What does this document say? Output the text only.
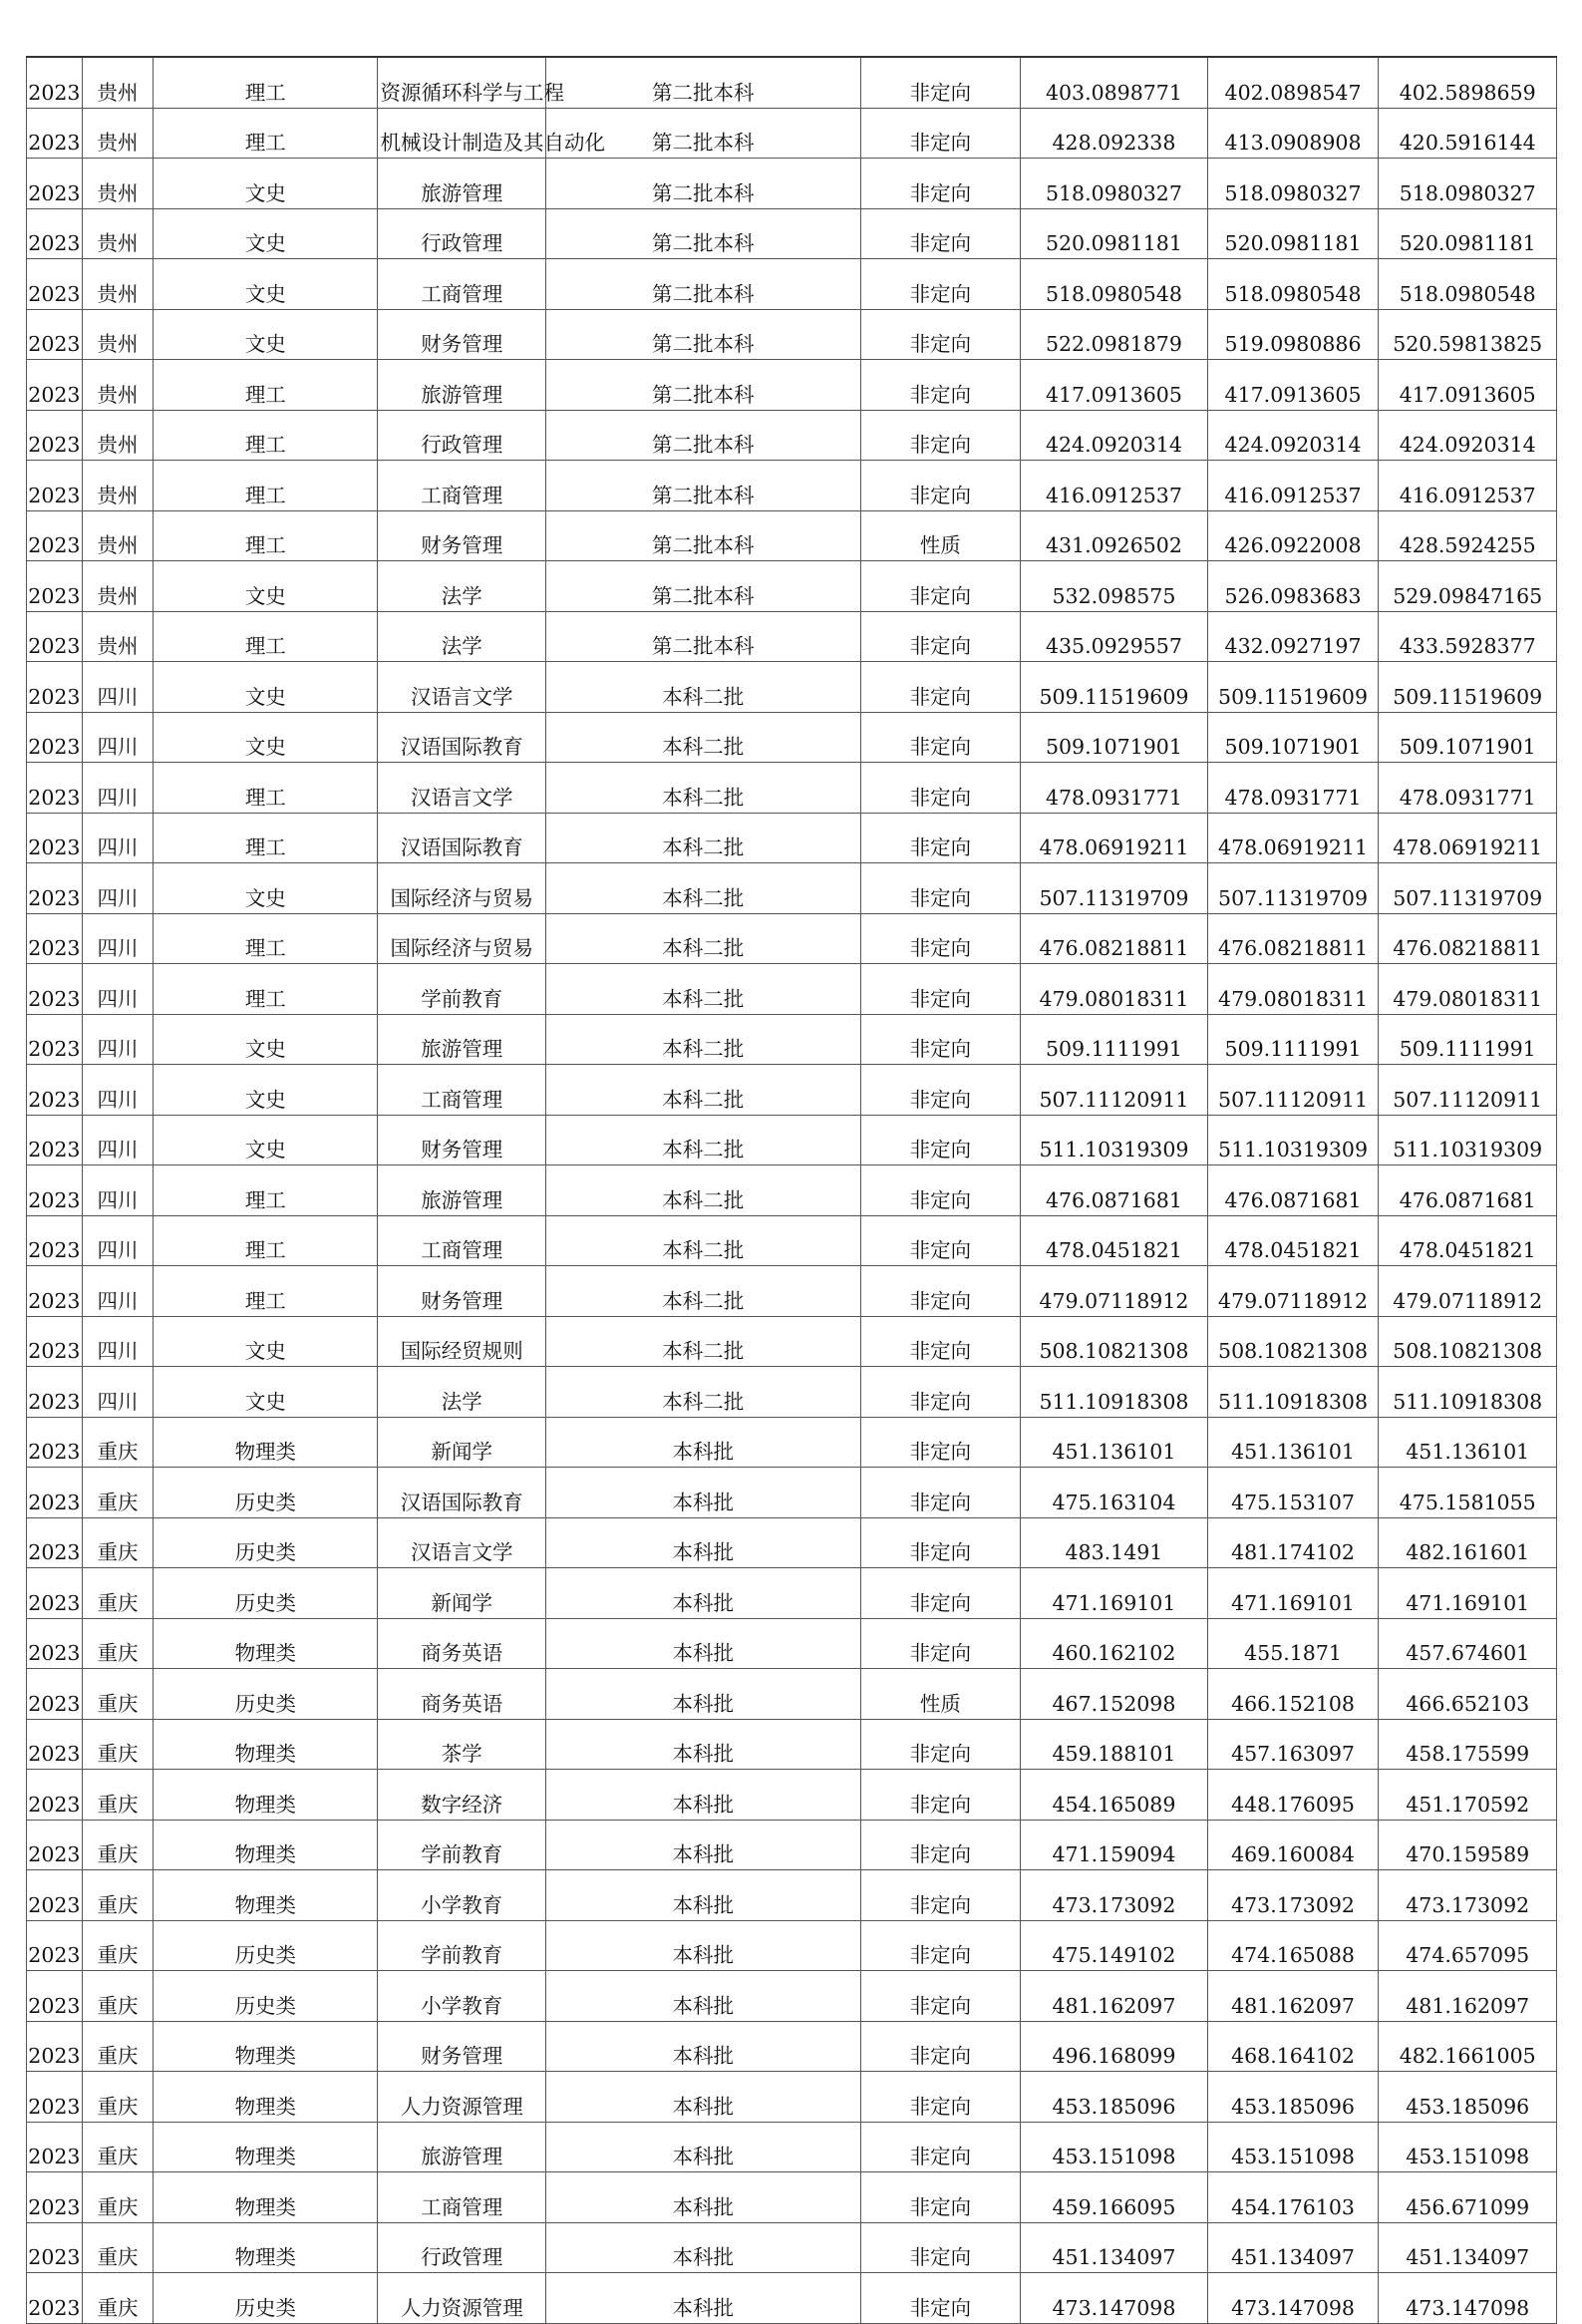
2023	贵州	理工	资源循环科学与工程	第二批本科	非定向	403.0898771	402.0898547	402.5898659
2023	贵州	理工	机械设计制造及其自动化	第二批本科	非定向	428.092338	413.0908908	420.5916144
2023	贵州	文史	旅游管理	第二批本科	非定向	518.0980327	518.0980327	518.0980327
2023	贵州	文史	行政管理	第二批本科	非定向	520.0981181	520.0981181	520.0981181
2023	贵州	文史	工商管理	第二批本科	非定向	518.0980548	518.0980548	518.0980548
2023	贵州	文史	财务管理	第二批本科	非定向	522.0981879	519.0980886	520.59813825
2023	贵州	理工	旅游管理	第二批本科	非定向	417.0913605	417.0913605	417.0913605
2023	贵州	理工	行政管理	第二批本科	非定向	424.0920314	424.0920314	424.0920314
2023	贵州	理工	工商管理	第二批本科	非定向	416.0912537	416.0912537	416.0912537
2023	贵州	理工	财务管理	第二批本科	性质	431.0926502	426.0922008	428.5924255
2023	贵州	文史	法学	第二批本科	非定向	532.098575	526.0983683	529.09847165
2023	贵州	理工	法学	第二批本科	非定向	435.0929557	432.0927197	433.5928377
2023	四川	文史	汉语言文学	本科二批	非定向	509.11519609	509.11519609	509.11519609
2023	四川	文史	汉语国际教育	本科二批	非定向	509.1071901	509.1071901	509.1071901
2023	四川	理工	汉语言文学	本科二批	非定向	478.0931771	478.0931771	478.0931771
2023	四川	理工	汉语国际教育	本科二批	非定向	478.06919211	478.06919211	478.06919211
2023	四川	文史	国际经济与贸易	本科二批	非定向	507.11319709	507.11319709	507.11319709
2023	四川	理工	国际经济与贸易	本科二批	非定向	476.08218811	476.08218811	476.08218811
2023	四川	理工	学前教育	本科二批	非定向	479.08018311	479.08018311	479.08018311
2023	四川	文史	旅游管理	本科二批	非定向	509.1111991	509.1111991	509.1111991
2023	四川	文史	工商管理	本科二批	非定向	507.11120911	507.11120911	507.11120911
2023	四川	文史	财务管理	本科二批	非定向	511.10319309	511.10319309	511.10319309
2023	四川	理工	旅游管理	本科二批	非定向	476.0871681	476.0871681	476.0871681
2023	四川	理工	工商管理	本科二批	非定向	478.0451821	478.0451821	478.0451821
2023	四川	理工	财务管理	本科二批	非定向	479.07118912	479.07118912	479.07118912
2023	四川	文史	国际经贸规则	本科二批	非定向	508.10821308	508.10821308	508.10821308
2023	四川	文史	法学	本科二批	非定向	511.10918308	511.10918308	511.10918308
2023	重庆	物理类	新闻学	本科批	非定向	451.136101	451.136101	451.136101
2023	重庆	历史类	汉语国际教育	本科批	非定向	475.163104	475.153107	475.1581055
2023	重庆	历史类	汉语言文学	本科批	非定向	483.1491	481.174102	482.161601
2023	重庆	历史类	新闻学	本科批	非定向	471.169101	471.169101	471.169101
2023	重庆	物理类	商务英语	本科批	非定向	460.162102	455.1871	457.674601
2023	重庆	历史类	商务英语	本科批	性质	467.152098	466.152108	466.652103
2023	重庆	物理类	茶学	本科批	非定向	459.188101	457.163097	458.175599
2023	重庆	物理类	数字经济	本科批	非定向	454.165089	448.176095	451.170592
2023	重庆	物理类	学前教育	本科批	非定向	471.159094	469.160084	470.159589
2023	重庆	物理类	小学教育	本科批	非定向	473.173092	473.173092	473.173092
2023	重庆	历史类	学前教育	本科批	非定向	475.149102	474.165088	474.657095
2023	重庆	历史类	小学教育	本科批	非定向	481.162097	481.162097	481.162097
2023	重庆	物理类	财务管理	本科批	非定向	496.168099	468.164102	482.1661005
2023	重庆	物理类	人力资源管理	本科批	非定向	453.185096	453.185096	453.185096
2023	重庆	物理类	旅游管理	本科批	非定向	453.151098	453.151098	453.151098
2023	重庆	物理类	工商管理	本科批	非定向	459.166095	454.176103	456.671099
2023	重庆	物理类	行政管理	本科批	非定向	451.134097	451.134097	451.134097
2023	重庆	历史类	人力资源管理	本科批	非定向	473.147098	473.147098	473.147098
